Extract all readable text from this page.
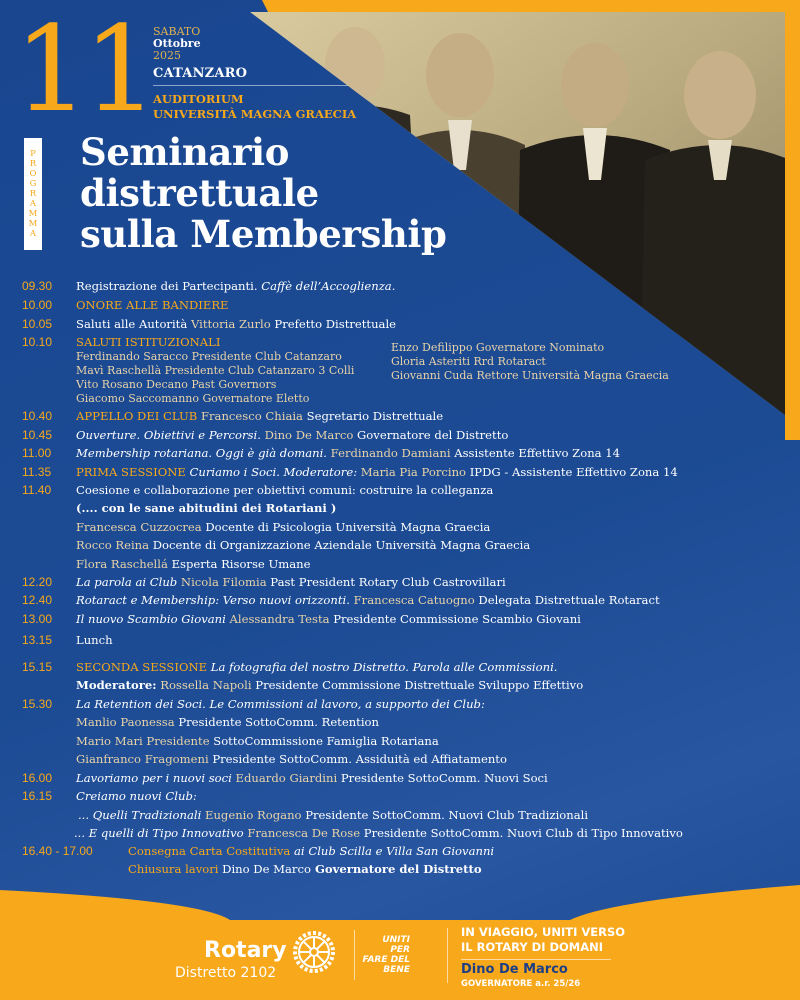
11 SABATO
Ottobre
2025
CATANZARO
AUDITORIUM
UNIVERSITÀ MAGNA GRAECIA
P
R
O
G
R
A
M
M
A
Seminario
distrettuale
sulla Membership
09.30 Registrazione dei Partecipanti. Caffè dell’Accoglienza.
10.00 ONORE ALLE BANDIERE
10.05 Saluti alle Autorità Vittoria Zurlo Prefetto Distrettuale
10.10 SALUTI ISTITUZIONALI
10.40 APPELLO DEI CLUB Francesco Chiaia Segretario Distrettuale
10.45 Ouverture. Obiettivi e Percorsi. Dino De Marco Governatore del Distretto
11.00 Membership rotariana. Oggi è già domani. Ferdinando Damiani Assistente Effettivo Zona 14
11.35 PRIMA SESSIONE Curiamo i Soci. Moderatore: Maria Pia Porcino IPDG - Assistente Effettivo Zona 14
11.40 Coesione e collaborazione per obiettivi comuni: costruire la colleganza
(.... con le sane abitudini dei Rotariani )
Francesca Cuzzocrea Docente di Psicologia Università Magna Graecia
Rocco Reina Docente di Organizzazione Aziendale Università Magna Graecia
Flora Raschellá Esperta Risorse Umane
12.20 La parola ai Club Nicola Filomia Past President Rotary Club Castrovillari
12.40 Rotaract e Membership: Verso nuovi orizzonti. Francesca Catuogno Delegata Distrettuale Rotaract
13.00 Il nuovo Scambio Giovani Alessandra Testa Presidente Commissione Scambio Giovani
13.15 Lunch
15.15 SECONDA SESSIONE La fotografia del nostro Distretto. Parola alle Commissioni.
Moderatore: Rossella Napoli Presidente Commissione Distrettuale Sviluppo Effettivo
15.30 La Retention dei Soci. Le Commissioni al lavoro, a supporto dei Club:
Manlio Paonessa Presidente SottoComm. Retention
Mario Mari Presidente SottoCommissione Famiglia Rotariana
Gianfranco Fragomeni Presidente SottoComm. Assiduità ed Affiatamento
16.00 Lavoriamo per i nuovi soci Eduardo Giardini Presidente SottoComm. Nuovi Soci
16.15 Creiamo nuovi Club:
... Quelli Tradizionali Eugenio Rogano Presidente SottoComm. Nuovi Club Tradizionali
... E quelli di Tipo Innovativo Francesca De Rose Presidente SottoComm. Nuovi Club di Tipo Innovativo
16.40 - 17.00	Consegna Carta Costitutiva ai Club Scilla e Villa San Giovanni
Chiusura lavori Dino De Marco Governatore del Distretto
Ferdinando Saracco Presidente Club Catanzaro
Mavì Raschellà Presidente Club Catanzaro 3 Colli
Vito Rosano Decano Past Governors
Giacomo Saccomanno Governatore Eletto
Enzo Defilippo Governatore Nominato
Gloria Asteriti Rrd Rotaract
Giovanni Cuda Rettore Università Magna Graecia
Rotary
Distretto 2102
UNITI PER
FARE DEL
BENE
IN VIAGGIO, UNITI VERSO
IL ROTARY DI DOMANI
Dino De Marco
GOVERNATORE a.r. 25/26
